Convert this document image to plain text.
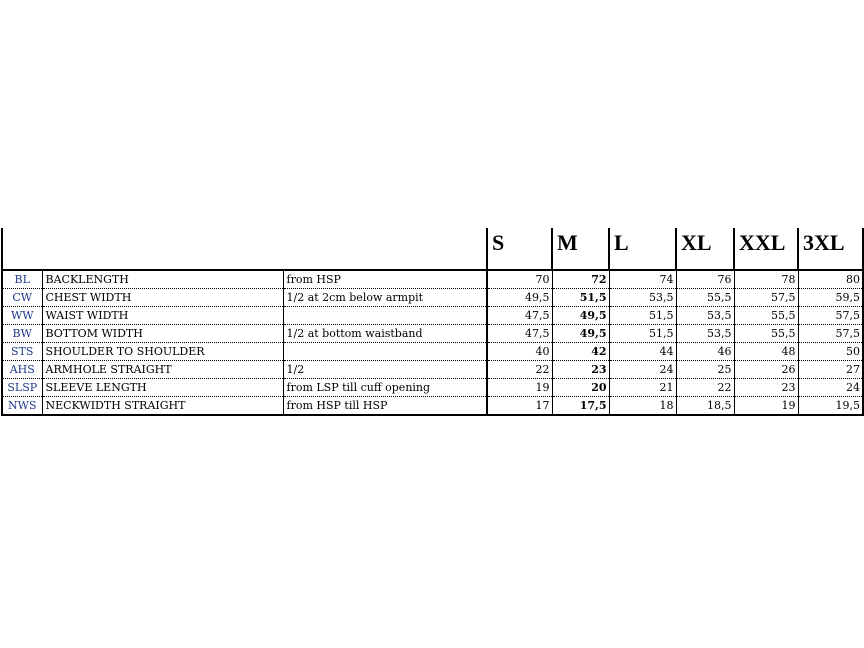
			S	M	L	XL	XXL	3XL
BL	BACKLENGTH	from HSP	70	72	74	76	78	80
CW	CHEST WIDTH	1/2 at 2cm below armpit	49,5	51,5	53,5	55,5	57,5	59,5
WW	WAIST WIDTH		47,5	49,5	51,5	53,5	55,5	57,5
BW	BOTTOM WIDTH	1/2 at bottom waistband	47,5	49,5	51,5	53,5	55,5	57,5
STS	SHOULDER TO SHOULDER		40	42	44	46	48	50
AHS	ARMHOLE STRAIGHT	1/2	22	23	24	25	26	27
SLSP	SLEEVE LENGTH	from LSP till cuff opening	19	20	21	22	23	24
NWS	NECKWIDTH STRAIGHT	from HSP till HSP	17	17,5	18	18,5	19	19,5
